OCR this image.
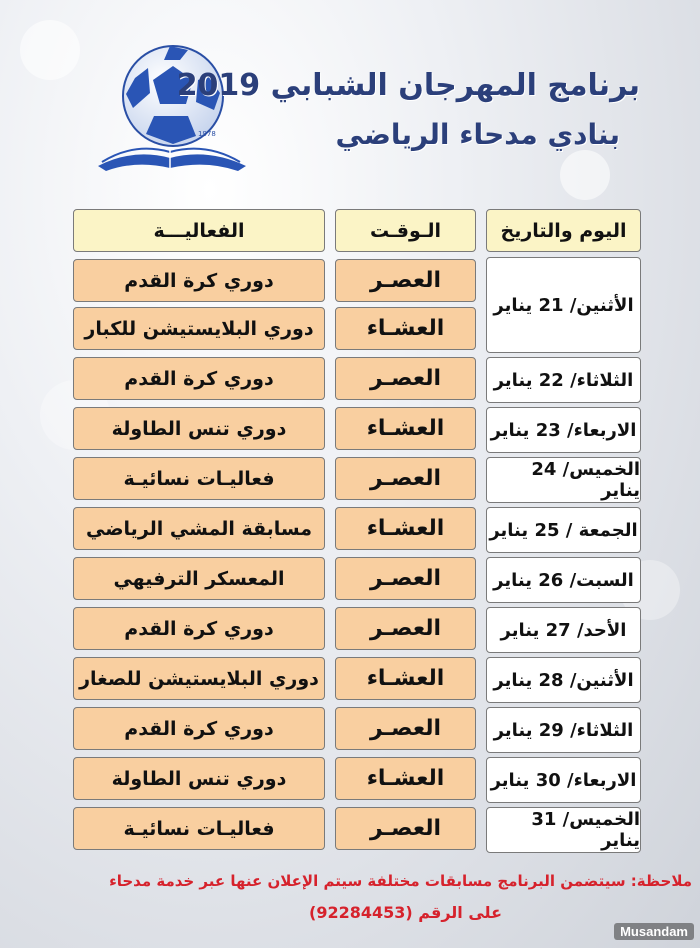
1978
برنامج المهرجان الشبابي 2019
بنادي مدحاء الرياضي
اليوم والتاريخ
الـوقـت
الفعاليـــة
الأثنين/ 21 يناير
الثلاثاء/ 22 يناير
الاربعاء/ 23 يناير
الخميس/ 24 يناير
الجمعة / 25 يناير
السبت/ 26 يناير
الأحد/ 27 يناير
الأثنين/ 28 يناير
الثلاثاء/ 29 يناير
الاربعاء/ 30 يناير
الخميس/ 31 يناير
العصـر
العشـاء
العصـر
العشـاء
العصـر
العشـاء
العصـر
العصـر
العشـاء
العصـر
العشـاء
العصـر
دوري كرة القدم
دوري البلايستيشن للكبار
دوري كرة القدم
دوري تنس الطاولة
فعاليـات نسائيـة
مسابقة المشي الرياضي
المعسكر الترفيهي
دوري كرة القدم
دوري البلايستيشن للصغار
دوري كرة القدم
دوري تنس الطاولة
فعاليـات نسائيـة
ملاحظة: سيتضمن البرنامج مسابقات مختلفة سيتم الإعلان عنها عبر خدمة مدحاء
على الرقم (92284453)
Musandam
